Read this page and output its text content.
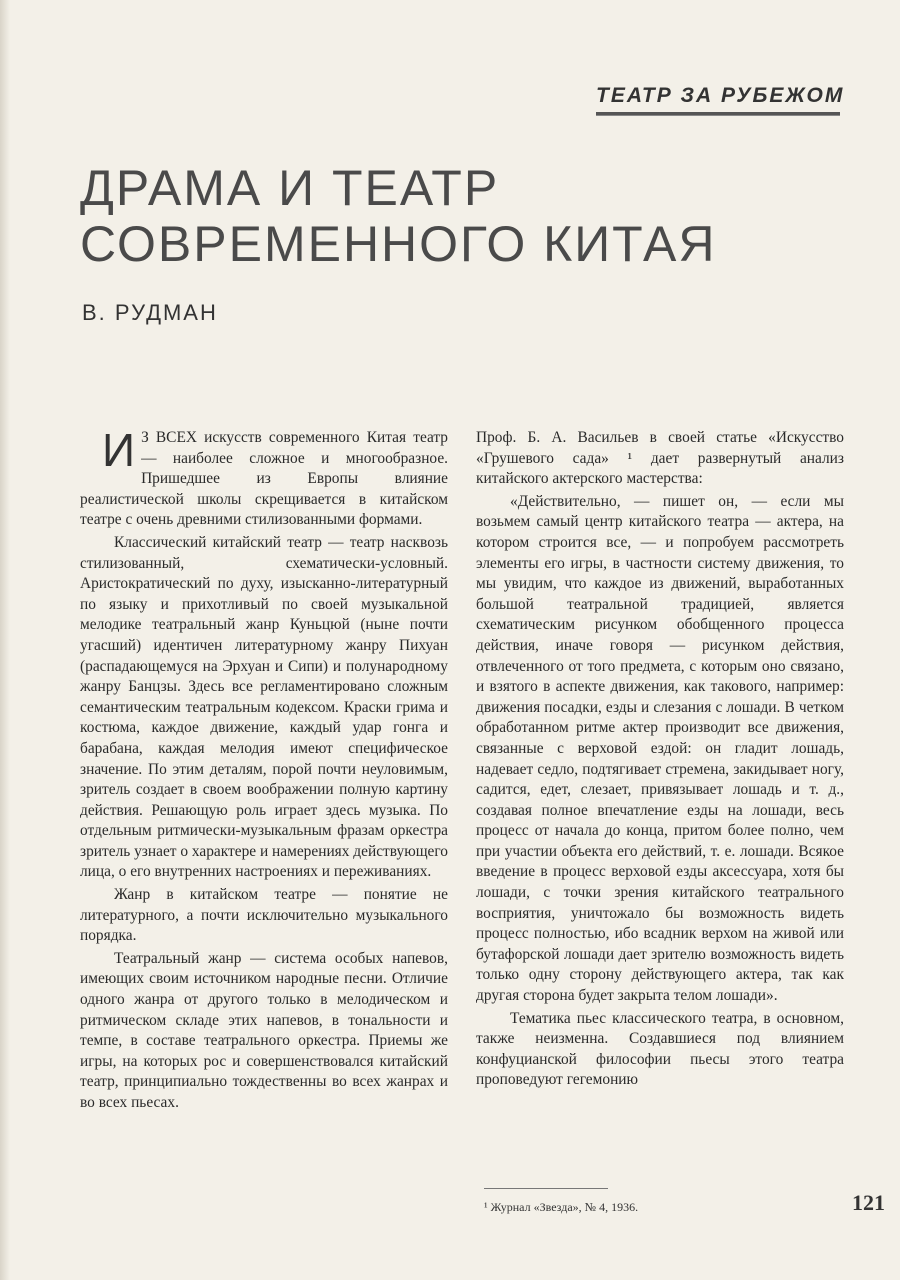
ТЕАТР ЗА РУБЕЖОМ
ДРАМА И ТЕАТР
СОВРЕМЕННОГО КИТАЯ
В. РУДМАН

И З ВСЕХ искусств современного Китая театр — наиболее сложное и многообразное. Пришедшее из Европы влияние реалистической школы скрещивается в китайском театре с очень древними стилизованными формами.

Классический китайский театр — театр насквозь стилизованный, схематически-условный. Аристократический по духу, изысканно-литературный по языку и прихотливый по своей музыкальной мелодике театральный жанр Куньцюй (ныне почти угасший) идентичен литературному жанру Пихуан (распадающемуся на Эрхуан и Сипи) и полународному жанру Банцзы. Здесь все регламентировано сложным семантическим театральным кодексом. Краски грима и костюма, каждое движение, каждый удар гонга и барабана, каждая мелодия имеют специфическое значение. По этим деталям, порой почти неуловимым, зритель создает в своем воображении полную картину действия. Решающую роль играет здесь музыка. По отдельным ритмически-музыкальным фразам оркестра зритель узнает о характере и намерениях действующего лица, о его внутренних настроениях и переживаниях.

Жанр в китайском театре — понятие не литературного, а почти исключительно музыкального порядка.

Театральный жанр — система особых напевов, имеющих своим источником народные песни. Отличие одного жанра от другого только в мелодическом и ритмическом складе этих напевов, в тональности и темпе, в составе театрального оркестра. Приемы же игры, на которых рос и совершенствовался китайский театр, принципиально тождественны во всех жанрах и во всех пьесах.

Проф. Б. А. Васильев в своей статье «Искусство «Грушевого сада» ¹ дает развернутый анализ китайского актерского мастерства:

«Действительно, — пишет он, — если мы возьмем самый центр китайского театра — актера, на котором строится все, — и попробуем рассмотреть элементы его игры, в частности систему движения, то мы увидим, что каждое из движений, выработанных большой театральной традицией, является схематическим рисунком обобщенного процесса действия, иначе говоря — рисунком действия, отвлеченного от того предмета, с которым оно связано, и взятого в аспекте движения, как такового, например: движения посадки, езды и слезания с лошади. В четком обработанном ритме актер производит все движения, связанные с верховой ездой: он гладит лошадь, надевает седло, подтягивает стремена, закидывает ногу, садится, едет, слезает, привязывает лошадь и т. д., создавая полное впечатление езды на лошади, весь процесс от начала до конца, притом более полно, чем при участии объекта его действий, т. е. лошади. Всякое введение в процесс верховой езды аксессуара, хотя бы лошади, с точки зрения китайского театрального восприятия, уничтожало бы возможность видеть процесс полностью, ибо всадник верхом на живой или бутафорской лошади дает зрителю возможность видеть только одну сторону действующего актера, так как другая сторона будет закрыта телом лошади».

Тематика пьес классического театра, в основном, также неизменна. Создавшиеся под влиянием конфуцианской философии пьесы этого театра проповедуют гегемонию

¹ Журнал «Звезда», № 4, 1936.	121
